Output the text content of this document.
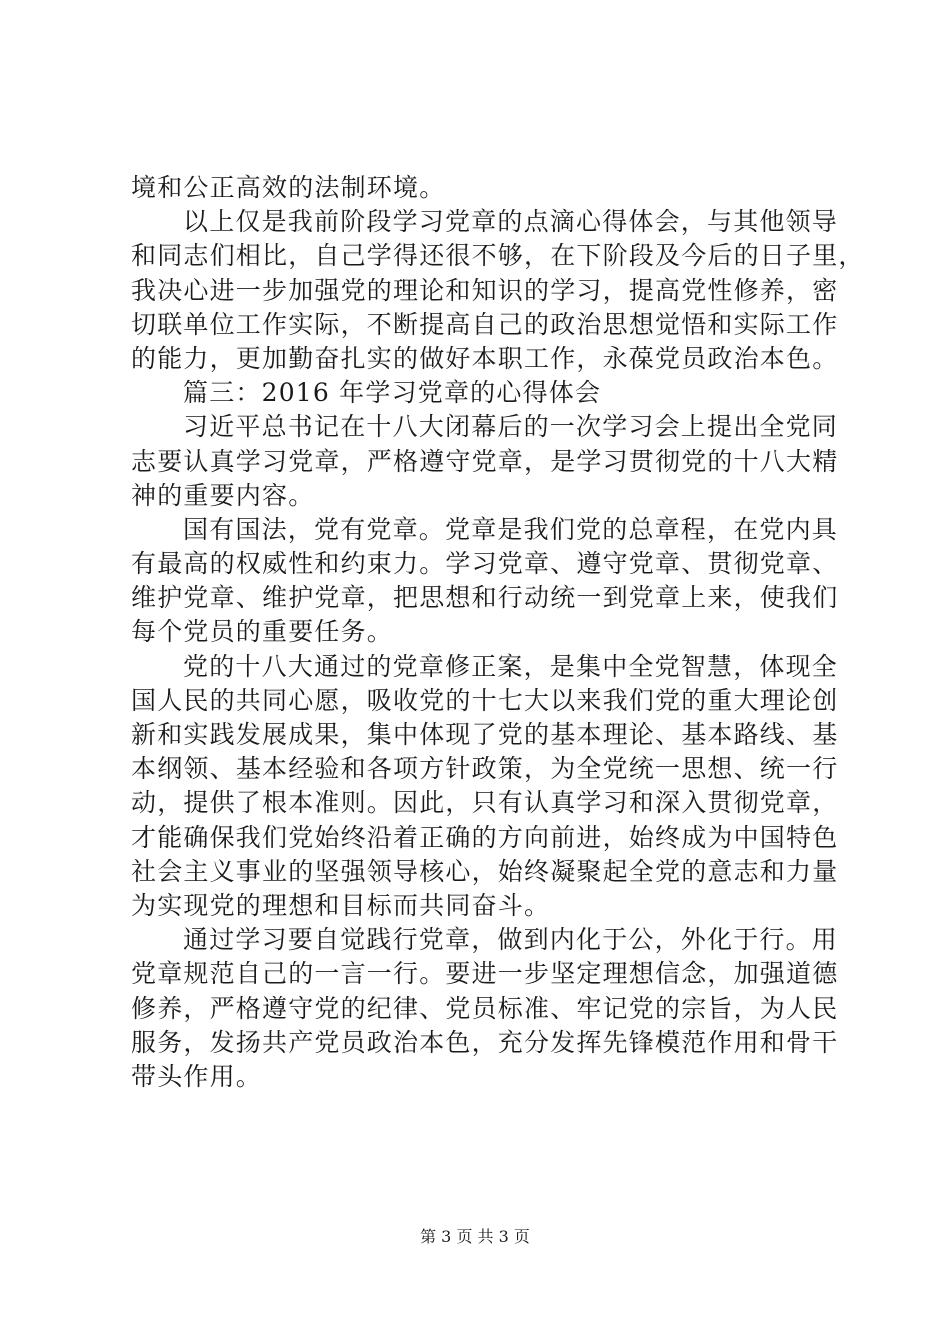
境和公正高效的法制环境。
以上仅是我前阶段学习党章的点滴心得体会，与其他领导
和同志们相比，自己学得还很不够，在下阶段及今后的日子里，
我决心进一步加强党的理论和知识的学习，提高党性修养，密
切联单位工作实际，不断提高自己的政治思想觉悟和实际工作
的能力，更加勤奋扎实的做好本职工作，永葆党员政治本色。
篇三：2016 年学习党章的心得体会
习近平总书记在十八大闭幕后的一次学习会上提出全党同
志要认真学习党章，严格遵守党章，是学习贯彻党的十八大精
神的重要内容。
国有国法，党有党章。党章是我们党的总章程，在党内具
有最高的权威性和约束力。学习党章、遵守党章、贯彻党章、
维护党章、维护党章，把思想和行动统一到党章上来，使我们
每个党员的重要任务。
党的十八大通过的党章修正案，是集中全党智慧，体现全
国人民的共同心愿，吸收党的十七大以来我们党的重大理论创
新和实践发展成果，集中体现了党的基本理论、基本路线、基
本纲领、基本经验和各项方针政策，为全党统一思想、统一行
动，提供了根本准则。因此，只有认真学习和深入贯彻党章，
才能确保我们党始终沿着正确的方向前进，始终成为中国特色
社会主义事业的坚强领导核心，始终凝聚起全党的意志和力量
为实现党的理想和目标而共同奋斗。
通过学习要自觉践行党章，做到内化于公，外化于行。用
党章规范自己的一言一行。要进一步坚定理想信念，加强道德
修养，严格遵守党的纪律、党员标准、牢记党的宗旨，为人民
服务，发扬共产党员政治本色，充分发挥先锋模范作用和骨干
带头作用。
第 3 页 共 3 页
